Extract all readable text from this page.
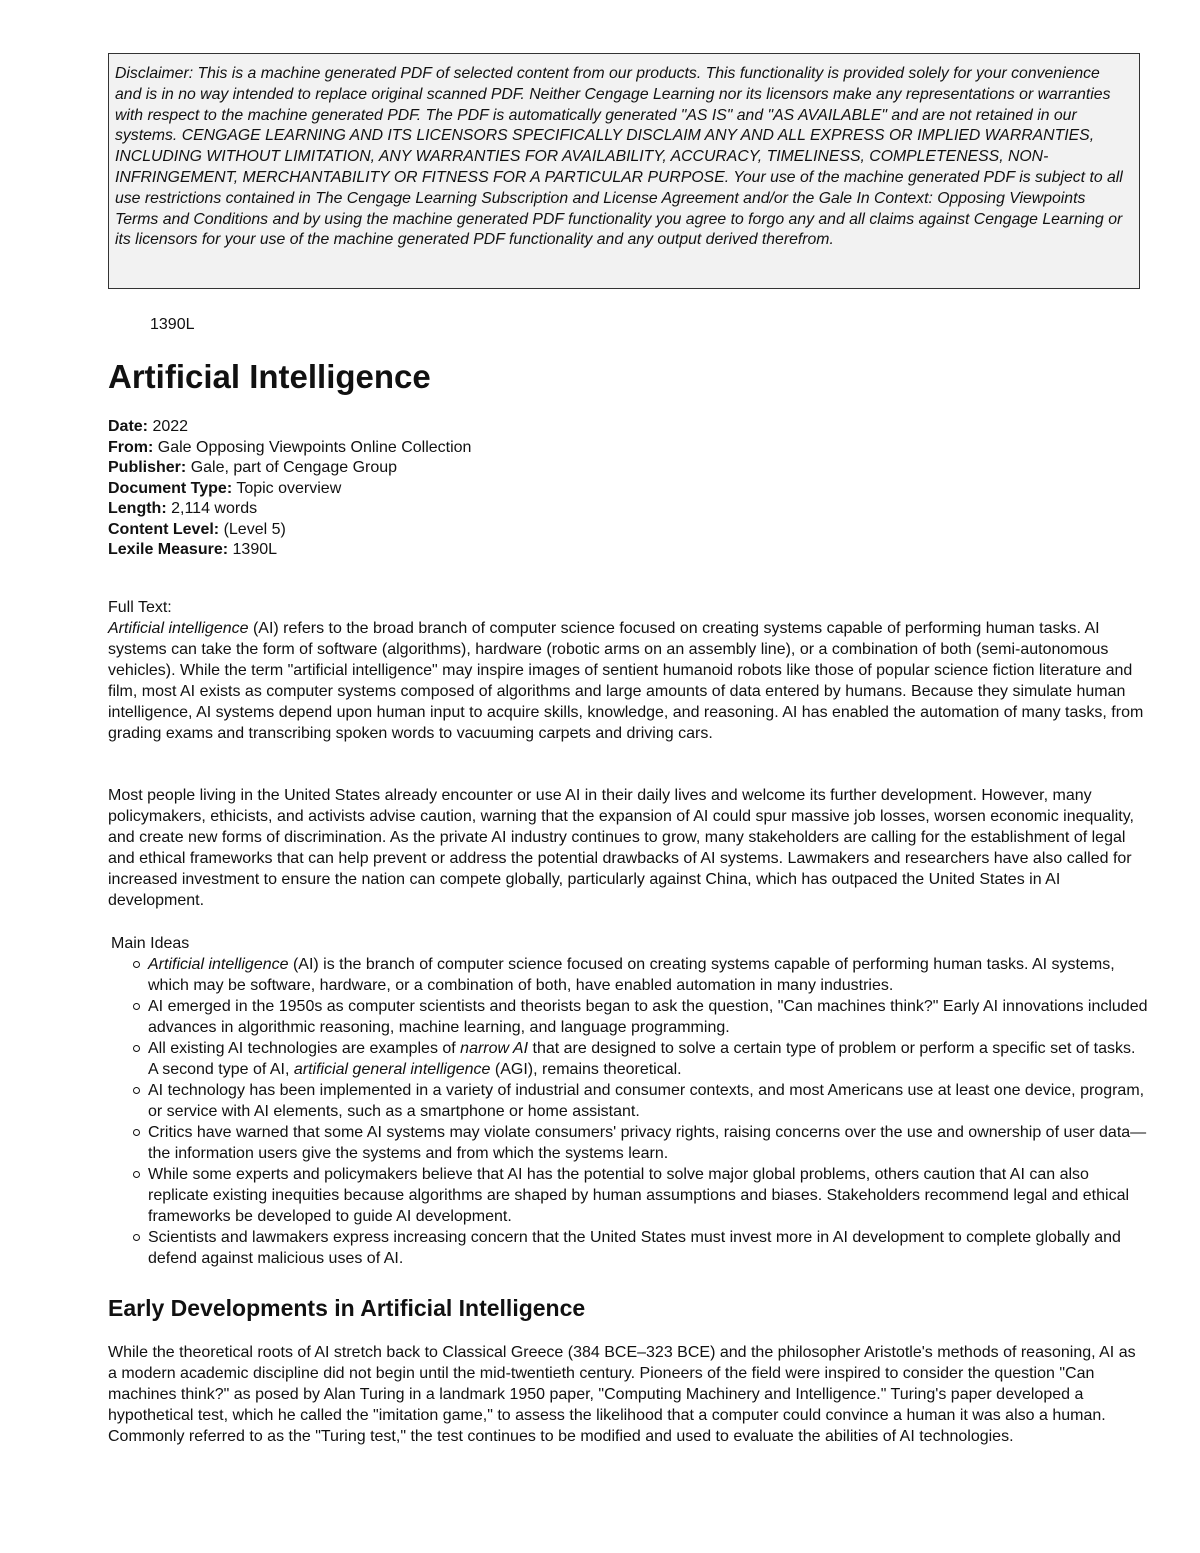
Disclaimer: This is a machine generated PDF of selected content from our products. This functionality is provided solely for your convenience and is in no way intended to replace original scanned PDF. Neither Cengage Learning nor its licensors make any representations or warranties with respect to the machine generated PDF. The PDF is automatically generated "AS IS" and "AS AVAILABLE" and are not retained in our systems. CENGAGE LEARNING AND ITS LICENSORS SPECIFICALLY DISCLAIM ANY AND ALL EXPRESS OR IMPLIED WARRANTIES, INCLUDING WITHOUT LIMITATION, ANY WARRANTIES FOR AVAILABILITY, ACCURACY, TIMELINESS, COMPLETENESS, NON-INFRINGEMENT, MERCHANTABILITY OR FITNESS FOR A PARTICULAR PURPOSE. Your use of the machine generated PDF is subject to all use restrictions contained in The Cengage Learning Subscription and License Agreement and/or the Gale In Context: Opposing Viewpoints Terms and Conditions and by using the machine generated PDF functionality you agree to forgo any and all claims against Cengage Learning or its licensors for your use of the machine generated PDF functionality and any output derived therefrom.
1390L
Artificial Intelligence
Date: 2022
From: Gale Opposing Viewpoints Online Collection
Publisher: Gale, part of Cengage Group
Document Type: Topic overview
Length: 2,114 words
Content Level: (Level 5)
Lexile Measure: 1390L
Full Text:

Artificial intelligence (AI) refers to the broad branch of computer science focused on creating systems capable of performing human tasks. AI systems can take the form of software (algorithms), hardware (robotic arms on an assembly line), or a combination of both (semi-autonomous vehicles). While the term "artificial intelligence" may inspire images of sentient humanoid robots like those of popular science fiction literature and film, most AI exists as computer systems composed of algorithms and large amounts of data entered by humans. Because they simulate human intelligence, AI systems depend upon human input to acquire skills, knowledge, and reasoning. AI has enabled the automation of many tasks, from grading exams and transcribing spoken words to vacuuming carpets and driving cars.

Most people living in the United States already encounter or use AI in their daily lives and welcome its further development. However, many policymakers, ethicists, and activists advise caution, warning that the expansion of AI could spur massive job losses, worsen economic inequality, and create new forms of discrimination. As the private AI industry continues to grow, many stakeholders are calling for the establishment of legal and ethical frameworks that can help prevent or address the potential drawbacks of AI systems. Lawmakers and researchers have also called for increased investment to ensure the nation can compete globally, particularly against China, which has outpaced the United States in AI development.

Main Ideas
Artificial intelligence (AI) is the branch of computer science focused on creating systems capable of performing human tasks. AI systems, which may be software, hardware, or a combination of both, have enabled automation in many industries.
AI emerged in the 1950s as computer scientists and theorists began to ask the question, "Can machines think?" Early AI innovations included advances in algorithmic reasoning, machine learning, and language programming.
All existing AI technologies are examples of narrow AI that are designed to solve a certain type of problem or perform a specific set of tasks. A second type of AI, artificial general intelligence (AGI), remains theoretical.
AI technology has been implemented in a variety of industrial and consumer contexts, and most Americans use at least one device, program, or service with AI elements, such as a smartphone or home assistant.
Critics have warned that some AI systems may violate consumers' privacy rights, raising concerns over the use and ownership of user data—the information users give the systems and from which the systems learn.
While some experts and policymakers believe that AI has the potential to solve major global problems, others caution that AI can also replicate existing inequities because algorithms are shaped by human assumptions and biases. Stakeholders recommend legal and ethical frameworks be developed to guide AI development.
Scientists and lawmakers express increasing concern that the United States must invest more in AI development to complete globally and defend against malicious uses of AI.
Early Developments in Artificial Intelligence

While the theoretical roots of AI stretch back to Classical Greece (384 BCE–323 BCE) and the philosopher Aristotle's methods of reasoning, AI as a modern academic discipline did not begin until the mid-twentieth century. Pioneers of the field were inspired to consider the question "Can machines think?" as posed by Alan Turing in a landmark 1950 paper, "Computing Machinery and Intelligence." Turing's paper developed a hypothetical test, which he called the "imitation game," to assess the likelihood that a computer could convince a human it was also a human. Commonly referred to as the "Turing test," the test continues to be modified and used to evaluate the abilities of AI technologies.
